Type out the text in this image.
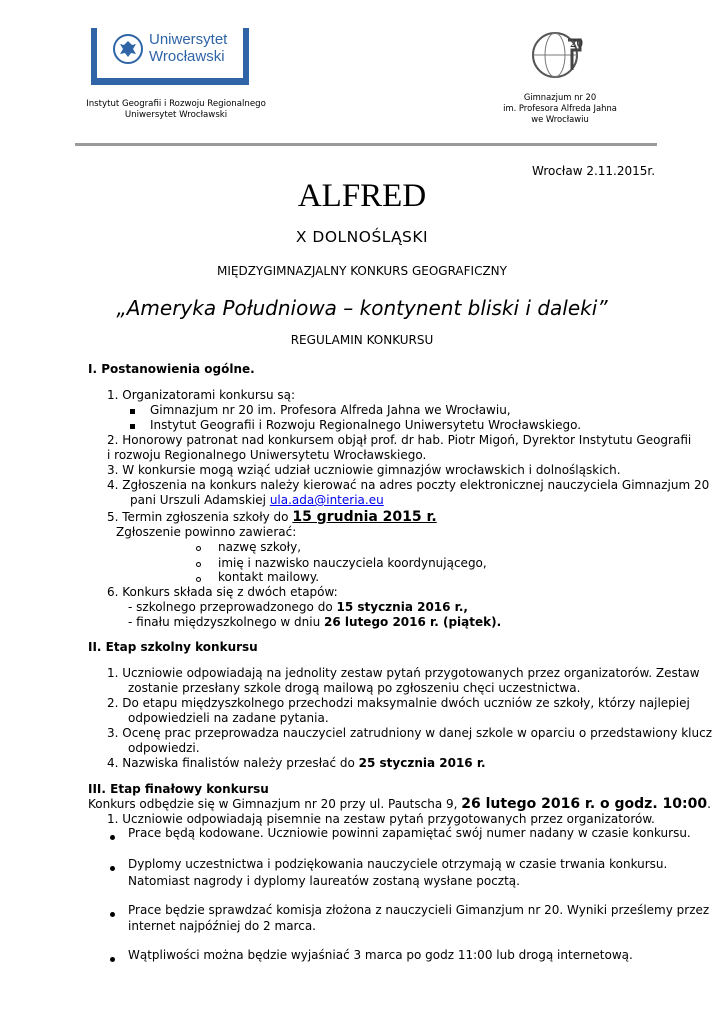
Uniwersytet
Wrocławski
Instytut Geografii i Rozwoju Regionalnego
Uniwersytet Wrocławski
20
Gimnazjum nr 20
im. Profesora Alfreda Jahna
we Wrocławiu
Wrocław 2.11.2015r.
ALFRED
X DOLNOŚLĄSKI
MIĘDZYGIMNAZJALNY KONKURS GEOGRAFICZNY
„Ameryka Południowa – kontynent bliski i daleki”
REGULAMIN KONKURSU
I. Postanowienia ogólne.
1. Organizatorami konkursu są:
Gimnazjum nr 20 im. Profesora Alfreda Jahna we Wrocławiu,
Instytut Geografii i Rozwoju Regionalnego Uniwersytetu Wrocławskiego.
2. Honorowy patronat nad konkursem objął prof. dr hab. Piotr Migoń, Dyrektor Instytutu Geografii
i rozwoju Regionalnego Uniwersytetu Wrocławskiego.
3. W konkursie mogą wziąć udział uczniowie gimnazjów wrocławskich i dolnośląskich.
4. Zgłoszenia na konkurs należy kierować na adres poczty elektronicznej nauczyciela Gimnazjum 20
pani Urszuli Adamskiej ula.ada@interia.eu
5. Termin zgłoszenia szkoły do 15 grudnia 2015 r.
Zgłoszenie powinno zawierać:
nazwę szkoły,
imię i nazwisko nauczyciela koordynującego,
kontakt mailowy.
6. Konkurs składa się z dwóch etapów:
- szkolnego przeprowadzonego do 15 stycznia 2016 r.,
- finału międzyszkolnego w dniu 26 lutego 2016 r. (piątek).
II. Etap szkolny konkursu
1. Uczniowie odpowiadają na jednolity zestaw pytań przygotowanych przez organizatorów. Zestaw
zostanie przesłany szkole drogą mailową po zgłoszeniu chęci uczestnictwa.
2. Do etapu międzyszkolnego przechodzi maksymalnie dwóch uczniów ze szkoły, którzy najlepiej
odpowiedzieli na zadane pytania.
3. Ocenę prac przeprowadza nauczyciel zatrudniony w danej szkole w oparciu o przedstawiony klucz
odpowiedzi.
4. Nazwiska finalistów należy przesłać do 25 stycznia 2016 r.
III. Etap finałowy konkursu
Konkurs odbędzie się w Gimnazjum nr 20 przy ul. Pautscha 9, 26 lutego 2016 r. o godz. 10:00.
1. Uczniowie odpowiadają pisemnie na zestaw pytań przygotowanych przez organizatorów.
Prace będą kodowane. Uczniowie powinni zapamiętać swój numer nadany w czasie konkursu.
Dyplomy uczestnictwa i podziękowania nauczyciele otrzymają w czasie trwania konkursu.
Natomiast nagrody i dyplomy laureatów zostaną wysłane pocztą.
Prace będzie sprawdzać komisja złożona z nauczycieli Gimanzjum nr 20. Wyniki prześlemy przez
internet najpóźniej do 2 marca.
Wątpliwości można będzie wyjaśniać 3 marca po godz 11:00 lub drogą internetową.
